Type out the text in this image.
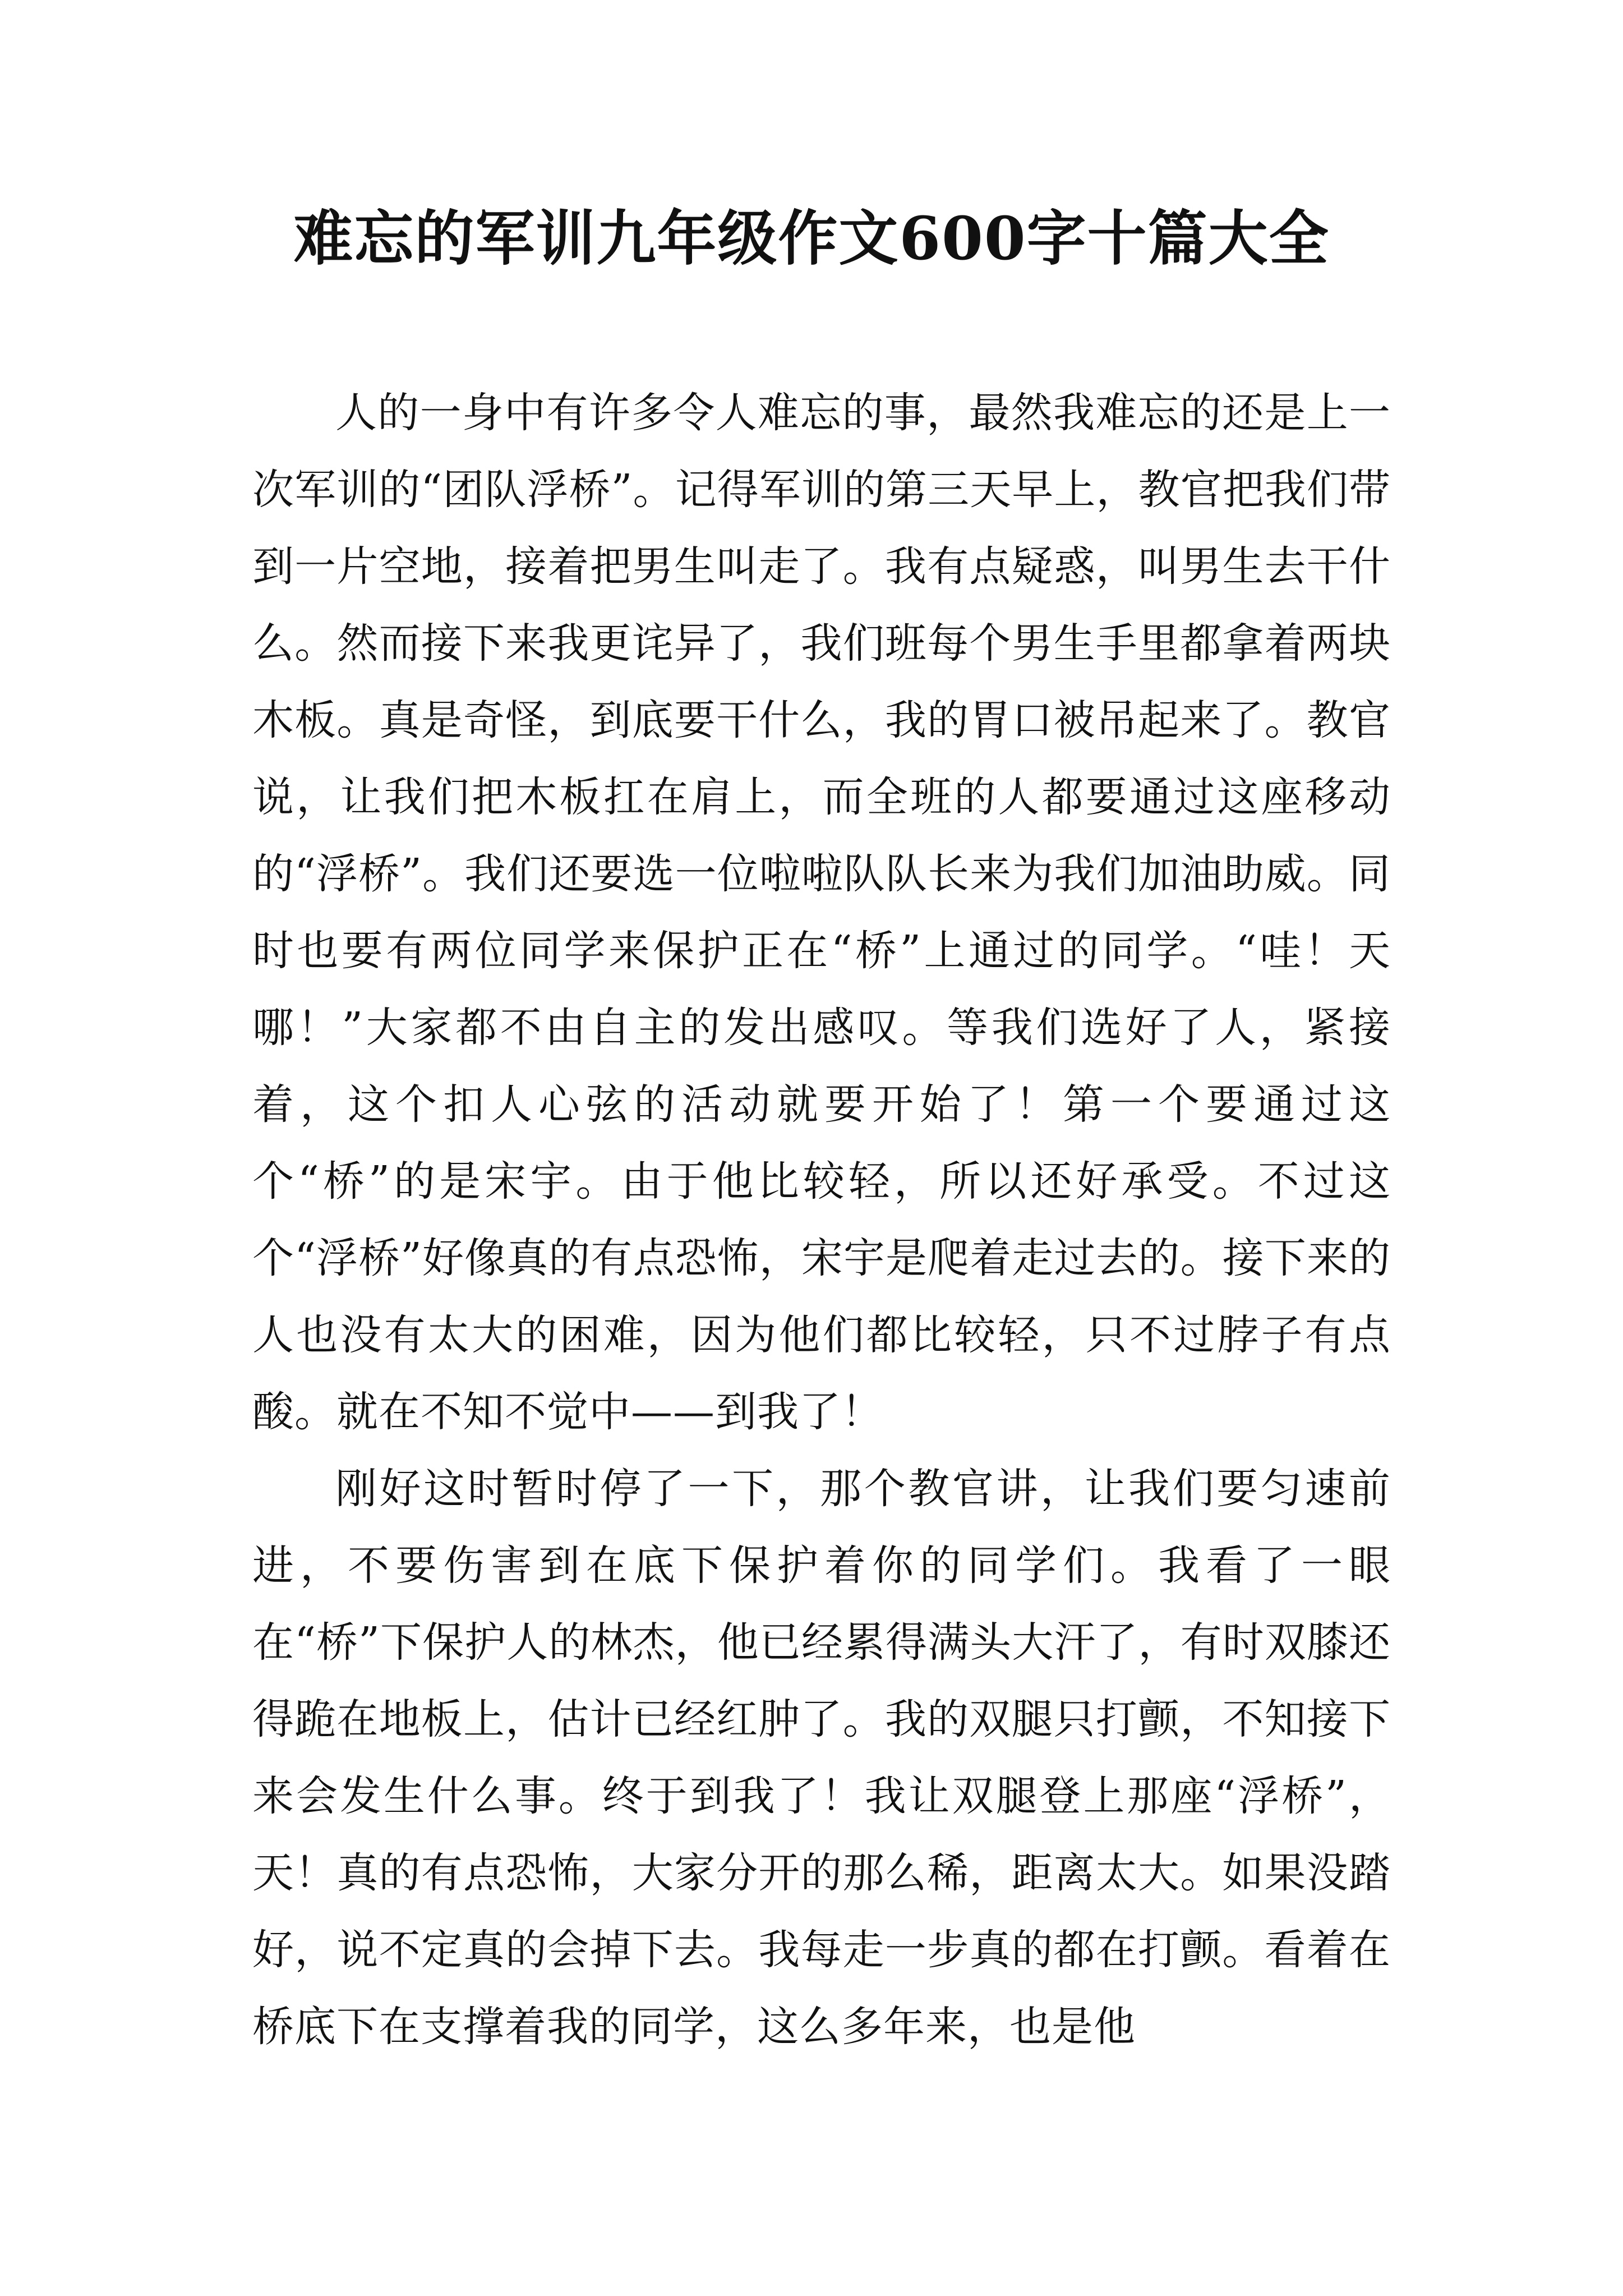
难忘的军训九年级作文600字十篇大全

人的一身中有许多令人难忘的事，最然我难忘的还是上一次军训的“团队浮桥”。记得军训的第三天早上，教官把我们带到一片空地，接着把男生叫走了。我有点疑惑，叫男生去干什么。然而接下来我更诧异了，我们班每个男生手里都拿着两块木板。真是奇怪，到底要干什么，我的胃口被吊起来了。教官说，让我们把木板扛在肩上，而全班的人都要通过这座移动的“浮桥”。我们还要选一位啦啦队队长来为我们加油助威。同时也要有两位同学来保护正在“桥”上通过的同学。“哇！天哪！”大家都不由自主的发出感叹。等我们选好了人，紧接着，这个扣人心弦的活动就要开始了！第一个要通过这个“桥”的是宋宇。由于他比较轻，所以还好承受。不过这个“浮桥”好像真的有点恐怖，宋宇是爬着走过去的。接下来的人也没有太大的困难，因为他们都比较轻，只不过脖子有点酸。就在不知不觉中——到我了！

刚好这时暂时停了一下，那个教官讲，让我们要匀速前进，不要伤害到在底下保护着你的同学们。我看了一眼在“桥”下保护人的林杰，他已经累得满头大汗了，有时双膝还得跪在地板上，估计已经红肿了。我的双腿只打颤，不知接下来会发生什么事。终于到我了！我让双腿登上那座“浮桥”，天！真的有点恐怖，大家分开的那么稀，距离太大。如果没踏好，说不定真的会掉下去。我每走一步真的都在打颤。看着在桥底下在支撑着我的同学，这么多年来，也是他
